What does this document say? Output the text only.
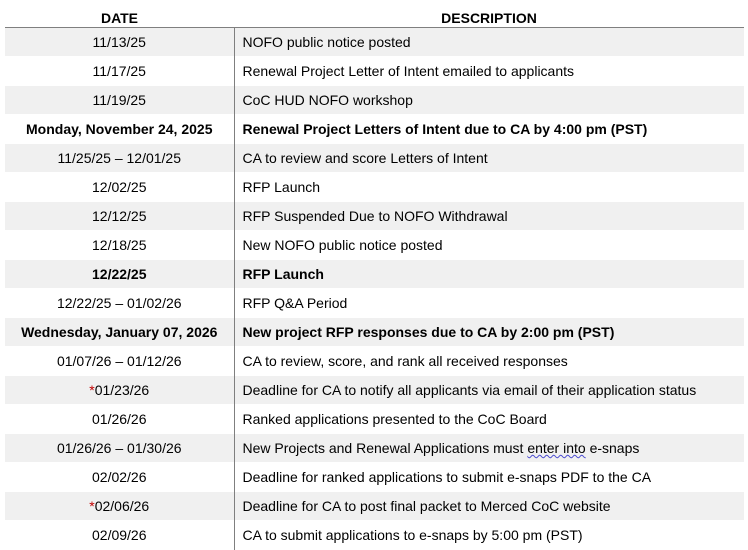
DATE	DESCRIPTION
11/13/25	NOFO public notice posted
11/17/25	Renewal Project Letter of Intent emailed to applicants
11/19/25	CoC HUD NOFO workshop
Monday, November 24, 2025	Renewal Project Letters of Intent due to CA by 4:00 pm (PST)
11/25/25 – 12/01/25	CA to review and score Letters of Intent
12/02/25	RFP Launch
12/12/25	RFP Suspended Due to NOFO Withdrawal
12/18/25	New NOFO public notice posted
12/22/25	RFP Launch
12/22/25 – 01/02/26	RFP Q&A Period
Wednesday, January 07, 2026	New project RFP responses due to CA by 2:00 pm (PST)
01/07/26 – 01/12/26	CA to review, score, and rank all received responses
*01/23/26	Deadline for CA to notify all applicants via email of their application status
01/26/26	Ranked applications presented to the CoC Board
01/26/26 – 01/30/26	New Projects and Renewal Applications must enter into e-snaps
02/02/26	Deadline for ranked applications to submit e-snaps PDF to the CA
*02/06/26	Deadline for CA to post final packet to Merced CoC website
02/09/26	CA to submit applications to e-snaps by 5:00 pm (PST)
